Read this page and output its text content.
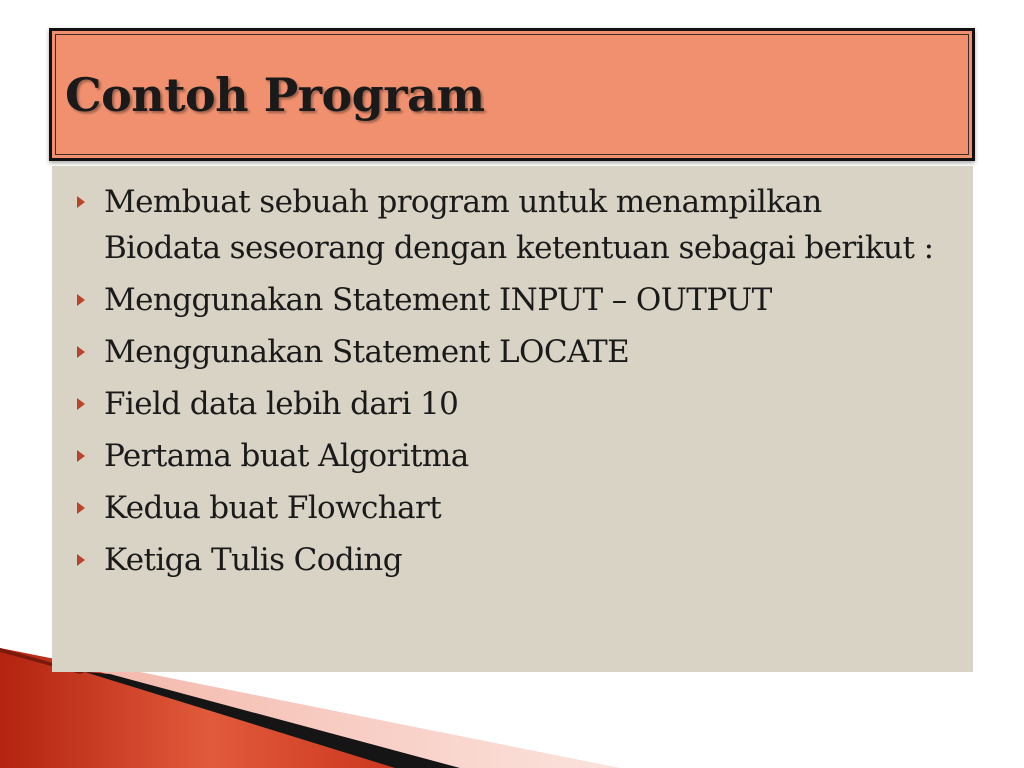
Contoh Program
Membuat sebuah program untuk menampilkan Biodata seseorang dengan ketentuan sebagai berikut :
Menggunakan Statement INPUT – OUTPUT
Menggunakan Statement LOCATE
Field data lebih dari 10
Pertama buat Algoritma
Kedua buat Flowchart
Ketiga Tulis Coding
